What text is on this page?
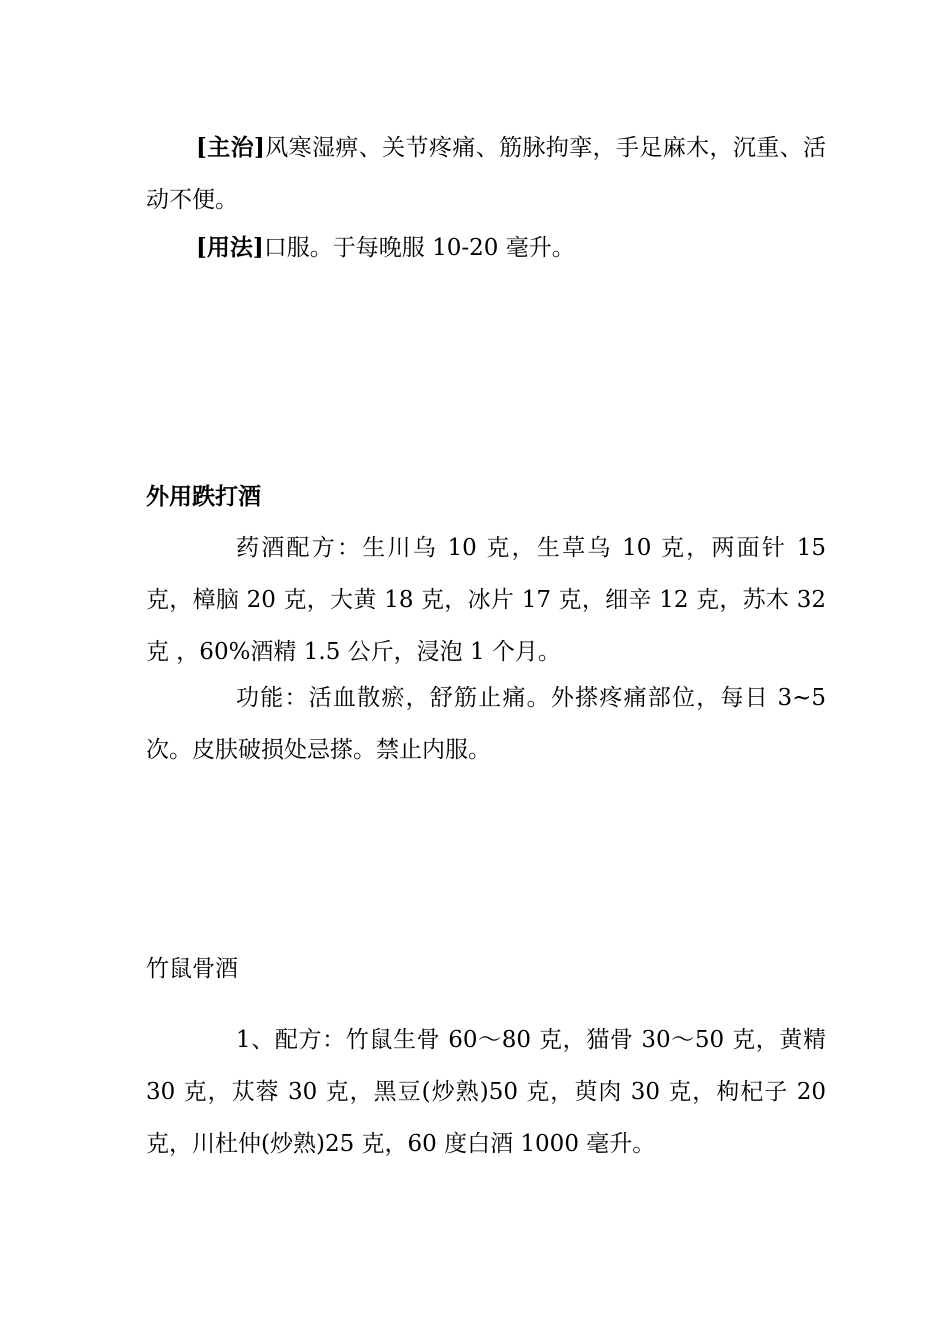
[主治]风寒湿痹、关节疼痛、筋脉拘挛，手足麻木，沉重、活动不便。

[用法]口服。于每晚服 10-20 毫升。

外用跌打酒

药酒配方：生川乌 10 克，生草乌 10 克，两面针 15 克，樟脑 20 克，大黄 18 克，冰片 17 克，细辛 12 克，苏木 32 克 ，60%酒精 1.5 公斤，浸泡 1 个月。

功能：活血散瘀，舒筋止痛。外搽疼痛部位，每日 3~5 次。皮肤破损处忌搽。禁止内服。

竹鼠骨酒

1、配方：竹鼠生骨 60～80 克，猫骨 30～50 克，黄精 30 克，苁蓉 30 克，黑豆(炒熟)50 克，萸肉 30 克，枸杞子 20 克，川杜仲(炒熟)25 克，60 度白酒 1000 毫升。
